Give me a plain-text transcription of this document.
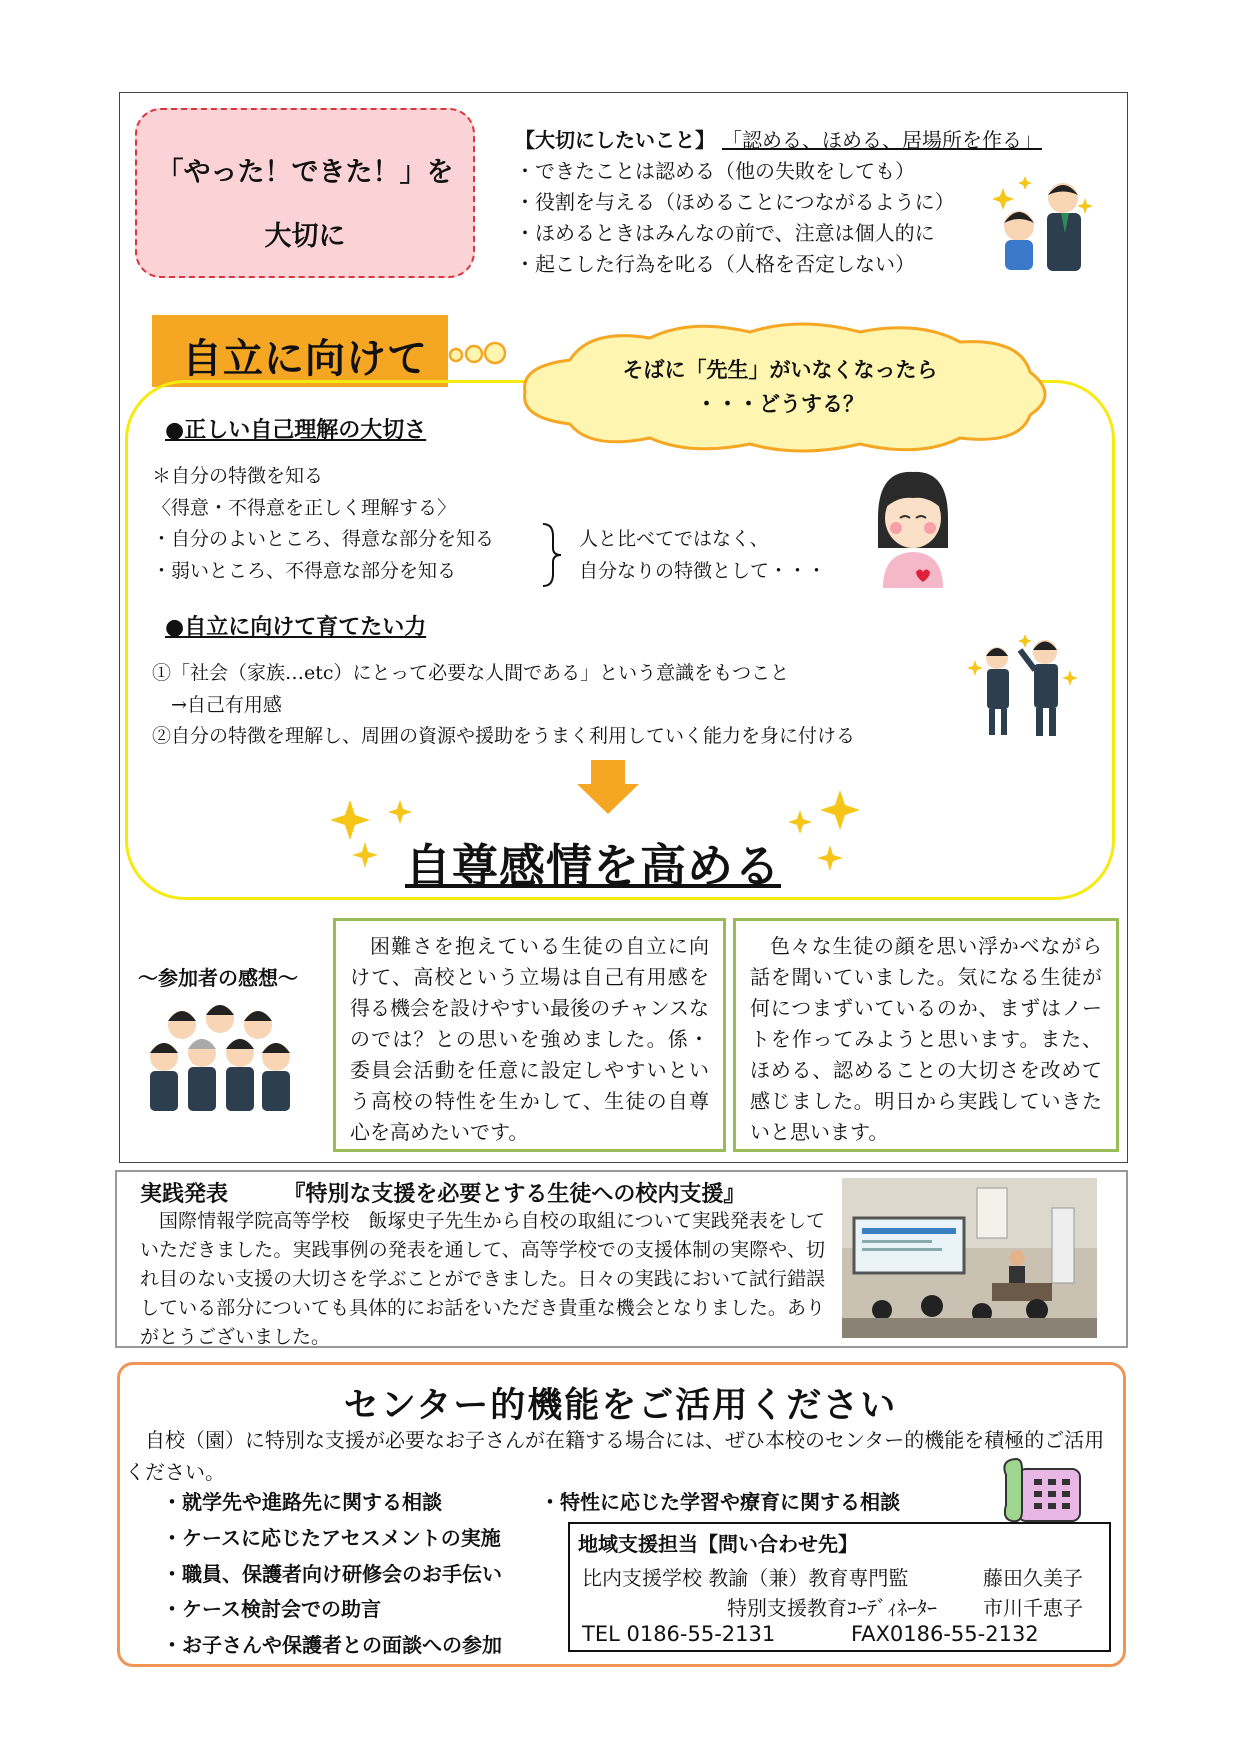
「やった！できた！」を
大切に
【大切にしたいこと】 「認める、ほめる、居場所を作る」
・できたことは認める（他の失敗をしても）
・役割を与える（ほめることにつながるように）
・ほめるときはみんなの前で、注意は個人的に
・起こした行為を叱る（人格を否定しない）
自立に向けて	そばに「先生」がいなくなったら
・・・どうする？
●正しい自己理解の大切さ
＊自分の特徴を知る
〈得意・不得意を正しく理解する〉
・自分のよいところ、得意な部分を知る
・弱いところ、不得意な部分を知る
人と比べてではなく、
自分なりの特徴として・・・
●自立に向けて育てたい力
①「社会（家族…etc）にとって必要な人間である」という意識をもつこと
　→自己有用感
②自分の特徴を理解し、周囲の資源や援助をうまく利用していく能力を身に付ける
自尊感情を高める
～参加者の感想～

困難さを抱えている生徒の自立に向けて、高校という立場は自己有用感を得る機会を設けやすい最後のチャンスなのでは？との思いを強めました。係・委員会活動を任意に設定しやすいという高校の特性を生かして、生徒の自尊心を高めたいです。

色々な生徒の顔を思い浮かべながら話を聞いていました。気になる生徒が何につまずいているのか、まずはノートを作ってみようと思います。また、ほめる、認めることの大切さを改めて感じました。明日から実践していきたいと思います。

実践発表	『特別な支援を必要とする生徒への校内支援』

国際情報学院高等学校　飯塚史子先生から自校の取組について実践発表をしていただきました。実践事例の発表を通して、高等学校での支援体制の実際や、切れ目のない支援の大切さを学ぶことができました。日々の実践において試行錯誤している部分についても具体的にお話をいただき貴重な機会となりました。ありがとうございました。

センター的機能をご活用ください

自校（園）に特別な支援が必要なお子さんが在籍する場合には、ぜひ本校のセンター的機能を積極的ご活用ください。

・就学先や進路先に関する相談	・特性に応じた学習や療育に関する相談
・ケースに応じたアセスメントの実施
・職員、保護者向け研修会のお手伝い
・ケース検討会での助言
・お子さんや保護者との面談への参加
地域支援担当【問い合わせ先】
比内支援学校 教諭（兼）教育専門監	藤田久美子
特別支援教育ｺｰﾃﾞｨﾈｰﾀｰ 市川千恵子
TEL 0186-55-2131	FAX0186-55-2132
